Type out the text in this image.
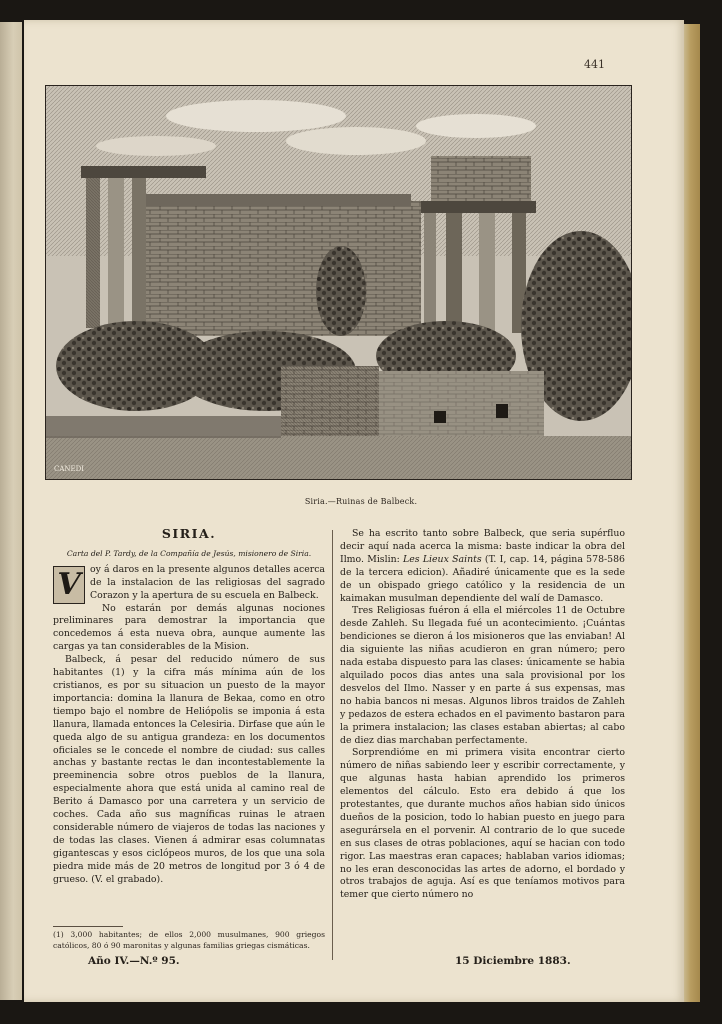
441
CANEDI
Siria.—Ruinas de Balbeck.
SIRIA.
Carta del P. Tardy, de la Compañía de Jesús, misionero de Siria.

V	oy á daros en la presente algunos detalles acerca de la instalacion de las religiosas del sagrado Corazon y la apertura de su escuela en Balbeck.

No estarán por demás algunas nociones preliminares para demostrar la importancia que concedemos á esta nueva obra, aunque aumente las cargas ya tan considerables de la Mision.

Balbeck, á pesar del reducido número de sus habitantes (1) y la cifra más mínima aún de los cristianos, es por su situacion un puesto de la mayor importancia: domina la llanura de Bekaa, como en otro tiempo bajo el nombre de Heliópolis se imponia á esta llanura, llamada entonces la Celesiria. Dirfase que aún le queda algo de su antigua grandeza: en los documentos oficiales se le concede el nombre de ciudad: sus calles anchas y bastante rectas le dan incontestablemente la preeminencia sobre otros pueblos de la llanura, especialmente ahora que está unida al camino real de Berito á Damasco por una carretera y un servicio de coches. Cada año sus magníficas ruinas le atraen considerable número de viajeros de todas las naciones y de todas las clases. Vienen á admirar esas columnatas gigantescas y esos ciclópeos muros, de los que una sola piedra mide más de 20 metros de longitud por 3 ó 4 de grueso. (V. el grabado).

(1) 3,000 habitantes; de ellos 2,000 musulmanes, 900 griegos católicos, 80 ó 90 maronitas y algunas familias griegas cismáticas.

Se ha escrito tanto sobre Balbeck, que seria supérfluo decir aquí nada acerca la misma: baste indicar la obra del Ilmo. Mislin: Les Lieux Saints (T. I, cap. 14, página 578-586 de la tercera edicion). Añadiré únicamente que es la sede de un obispado griego católico y la residencia de un kaimakan musulman dependiente del walí de Damasco.

Tres Religiosas fuéron á ella el miércoles 11 de Octubre desde Zahleh. Su llegada fué un acontecimiento. ¡Cuántas bendiciones se dieron á los misioneros que las enviaban! Al dia siguiente las niñas acudieron en gran número; pero nada estaba dispuesto para las clases: únicamente se habia alquilado pocos dias antes una sala provisional por los desvelos del Ilmo. Nasser y en parte á sus expensas, mas no habia bancos ni mesas. Algunos libros traidos de Zahleh y pedazos de estera echados en el pavimento bastaron para la primera instalacion; las clases estaban abiertas; al cabo de diez dias marchaban perfectamente.

Sorprendióme en mi primera visita encontrar cierto número de niñas sabiendo leer y escribir correctamente, y que algunas hasta habian aprendido los primeros elementos del cálculo. Esto era debido á que los protestantes, que durante muchos años habian sido únicos dueños de la posicion, todo lo habian puesto en juego para asegurársela en el porvenir. Al contrario de lo que sucede en sus clases de otras poblaciones, aquí se hacian con todo rigor. Las maestras eran capaces; hablaban varios idiomas; no les eran desconocidas las artes de adorno, el bordado y otros trabajos de aguja. Así es que teníamos motivos para temer que cierto número no

Año IV.—N.º 95.	15 Diciembre 1883.
